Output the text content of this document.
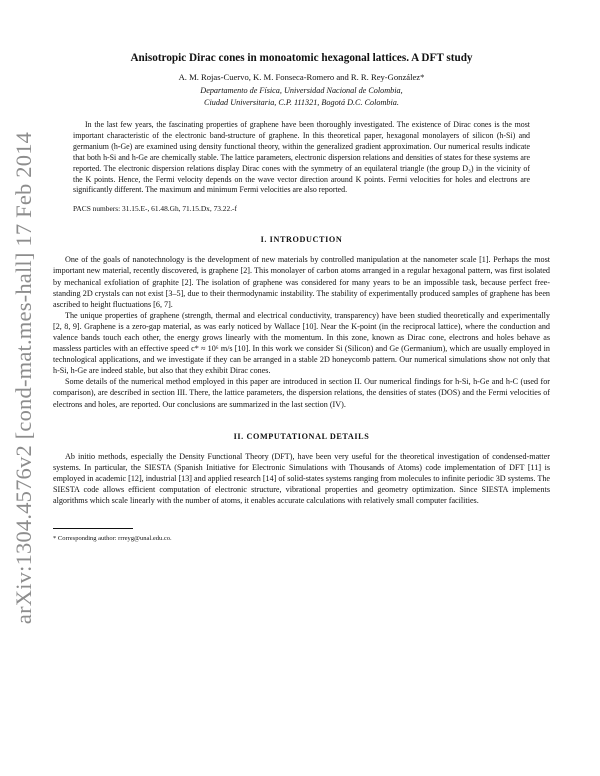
arXiv:1304.4576v2 [cond-mat.mes-hall] 17 Feb 2014
Anisotropic Dirac cones in monoatomic hexagonal lattices. A DFT study

A. M. Rojas-Cuervo, K. M. Fonseca-Romero and R. R. Rey-González*

Departamento de Física, Universidad Nacional de Colombia,

Ciudad Universitaria, C.P. 111321, Bogotá D.C. Colombia.

In the last few years, the fascinating properties of graphene have been thoroughly investigated. The existence of Dirac cones is the most important characteristic of the electronic band-structure of graphene. In this theoretical paper, hexagonal monolayers of silicon (h-Si) and germanium (h-Ge) are examined using density functional theory, within the generalized gradient approximation. Our numerical results indicate that both h-Si and h-Ge are chemically stable. The lattice parameters, electronic dispersion relations and densities of states for these systems are reported. The electronic dispersion relations display Dirac cones with the symmetry of an equilateral triangle (the group D₃) in the vicinity of the K points. Hence, the Fermi velocity depends on the wave vector direction around K points. Fermi velocities for holes and electrons are significantly different. The maximum and minimum Fermi velocities are also reported.

PACS numbers: 31.15.E-, 61.48.Gh, 71.15.Dx, 73.22.-f

I. INTRODUCTION

One of the goals of nanotechnology is the development of new materials by controlled manipulation at the nanometer scale [1]. Perhaps the most important new material, recently discovered, is graphene [2]. This monolayer of carbon atoms arranged in a regular hexagonal pattern, was first isolated by mechanical exfoliation of graphite [2]. The isolation of graphene was considered for many years to be an impossible task, because perfect free-standing 2D crystals can not exist [3–5], due to their thermodynamic instability. The stability of experimentally produced samples of graphene has been ascribed to height fluctuations [6, 7].

The unique properties of graphene (strength, thermal and electrical conductivity, transparency) have been studied theoretically and experimentally [2, 8, 9]. Graphene is a zero-gap material, as was early noticed by Wallace [10]. Near the K-point (in the reciprocal lattice), where the conduction and valence bands touch each other, the energy grows linearly with the momentum. In this zone, known as Dirac cone, electrons and holes behave as massless particles with an effective speed c* ≈ 10⁶ m/s [10]. In this work we consider Si (Silicon) and Ge (Germanium), which are usually employed in technological applications, and we investigate if they can be arranged in a stable 2D honeycomb pattern. Our numerical simulations show not only that h-Si, h-Ge are indeed stable, but also that they exhibit Dirac cones.

Some details of the numerical method employed in this paper are introduced in section II. Our numerical findings for h-Si, h-Ge and h-C (used for comparison), are described in section III. There, the lattice parameters, the dispersion relations, the densities of states (DOS) and the Fermi velocities of electrons and holes, are reported. Our conclusions are summarized in the last section (IV).

II. COMPUTATIONAL DETAILS

Ab initio methods, especially the Density Functional Theory (DFT), have been very useful for the theoretical investigation of condensed-matter systems. In particular, the SIESTA (Spanish Initiative for Electronic Simulations with Thousands of Atoms) code implementation of DFT [11] is employed in academic [12], industrial [13] and applied research [14] of solid-states systems ranging from molecules to infinite periodic 3D systems. The SIESTA code allows efficient computation of electronic structure, vibrational properties and geometry optimization. Since SIESTA implements algorithms which scale linearly with the number of atoms, it enables accurate calculations with relatively small computer facilities.

* Corresponding author: rrreyg@unal.edu.co.
